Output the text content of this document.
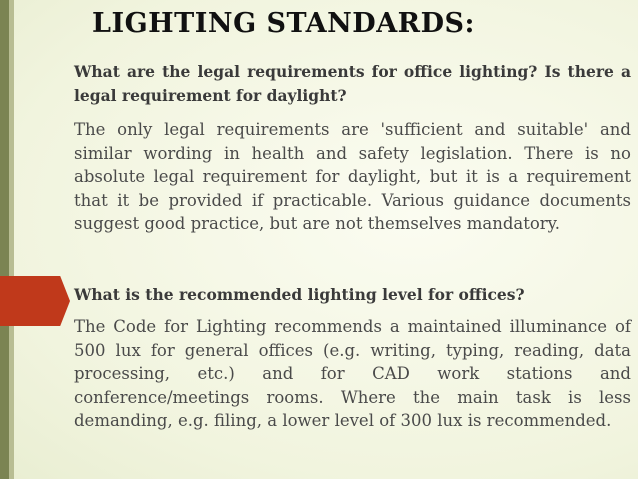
LIGHTING STANDARDS:

What are the legal requirements for office lighting? Is there a legal requirement for daylight?

The only legal requirements are 'sufficient and suitable' and similar wording in health and safety legislation. There is no absolute legal requirement for daylight, but it is a requirement that it be provided if practicable. Various guidance documents suggest good practice, but are not themselves mandatory.

What is the recommended lighting level for offices?

The Code for Lighting recommends a maintained illuminance of 500 lux for general offices (e.g. writing, typing, reading, data processing, etc.) and for CAD work stations and conference/meetings rooms. Where the main task is less demanding, e.g. filing, a lower level of 300 lux is recommended.
